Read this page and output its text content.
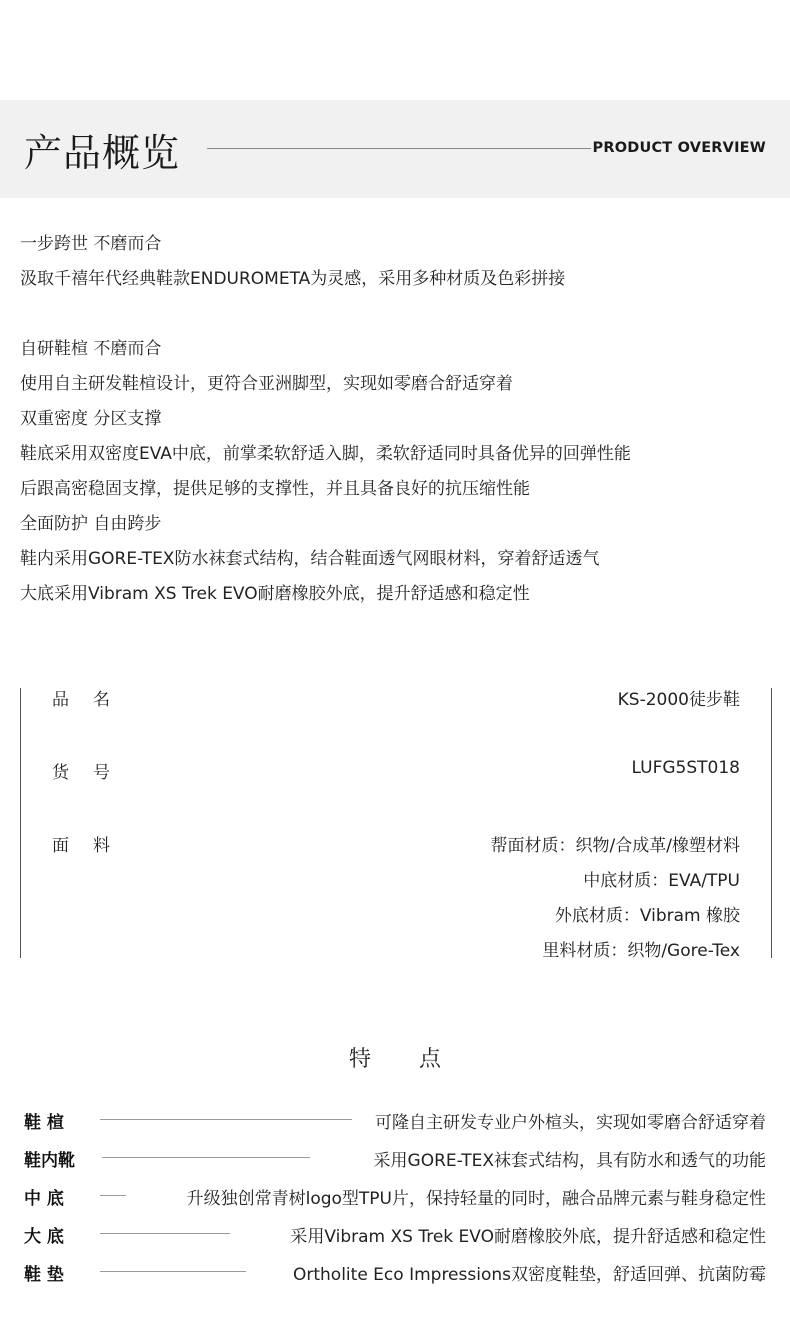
产品概览	PRODUCT OVERVIEW
一步跨世 不磨而合
汲取千禧年代经典鞋款ENDUROMETA为灵感，采用多种材质及色彩拼接
自研鞋楦 不磨而合
使用自主研发鞋楦设计，更符合亚洲脚型，实现如零磨合舒适穿着
双重密度 分区支撑
鞋底采用双密度EVA中底，前掌柔软舒适入脚，柔软舒适同时具备优异的回弹性能
后跟高密稳固支撑，提供足够的支撑性，并且具备良好的抗压缩性能
全面防护 自由跨步
鞋内采用GORE-TEX防水袜套式结构，结合鞋面透气网眼材料，穿着舒适透气
大底采用Vibram XS Trek EVO耐磨橡胶外底，提升舒适感和稳定性
品名	KS-2000徒步鞋
货号	LUFG5ST018
面料	帮面材质：织物/合成革/橡塑材料
中底材质：EVA/TPU
外底材质：Vibram 橡胶
里料材质：织物/Gore-Tex
特点
鞋 楦	可隆自主研发专业户外楦头，实现如零磨合舒适穿着
鞋内靴	采用GORE-TEX袜套式结构，具有防水和透气的功能
中 底	升级独创常青树logo型TPU片，保持轻量的同时，融合品牌元素与鞋身稳定性
大 底	采用Vibram XS Trek EVO耐磨橡胶外底，提升舒适感和稳定性
鞋 垫	Ortholite Eco Impressions双密度鞋垫，舒适回弹、抗菌防霉
